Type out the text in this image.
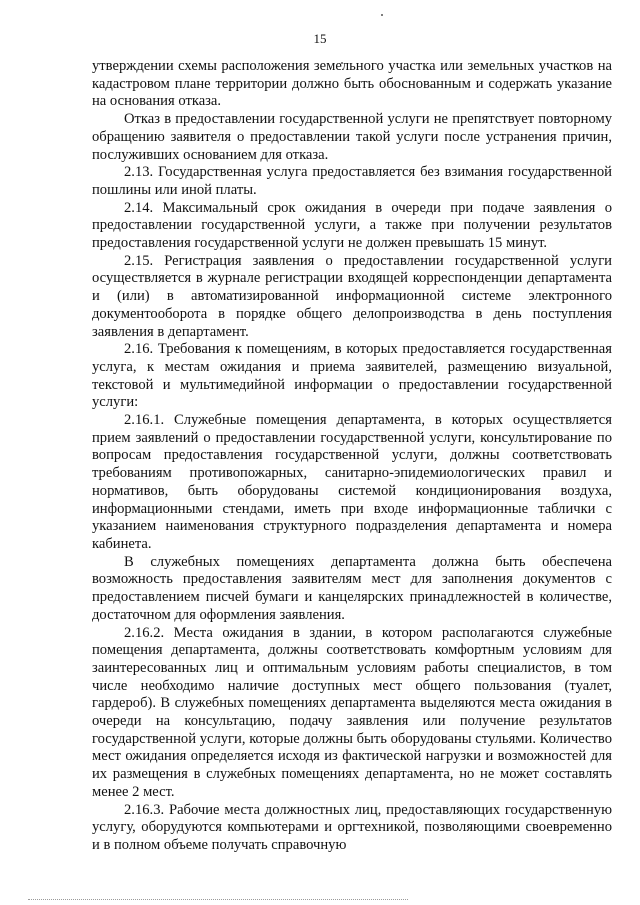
15

утверждении схемы расположения земельного участка или земельных участков на кадастровом плане территории должно быть обоснованным и содержать указание на основания отказа.

Отказ в предоставлении государственной услуги не препятствует повторному обращению заявителя о предоставлении такой услуги после устранения причин, послуживших основанием для отказа.

2.13. Государственная услуга предоставляется без взимания государственной пошлины или иной платы.

2.14. Максимальный срок ожидания в очереди при подаче заявления о предоставлении государственной услуги, а также при получении результатов предоставления государственной услуги не должен превышать 15 минут.

2.15. Регистрация заявления о предоставлении государственной услуги осуществляется в журнале регистрации входящей корреспонденции департамента и (или) в автоматизированной информационной системе электронного документооборота в порядке общего делопроизводства в день поступления заявления в департамент.

2.16. Требования к помещениям, в которых предоставляется государственная услуга, к местам ожидания и приема заявителей, размещению визуальной, текстовой и мультимедийной информации о предоставлении государственной услуги:

2.16.1. Служебные помещения департамента, в которых осуществляется прием заявлений о предоставлении государственной услуги, консультирование по вопросам предоставления государственной услуги, должны соответствовать требованиям противопожарных, санитарно-эпидемиологических правил и нормативов, быть оборудованы системой кондиционирования воздуха, информационными стендами, иметь при входе информационные таблички с указанием наименования структурного подразделения департамента и номера кабинета.

В служебных помещениях департамента должна быть обеспечена возможность предоставления заявителям мест для заполнения документов с предоставлением писчей бумаги и канцелярских принадлежностей в количестве, достаточном для оформления заявления.

2.16.2. Места ожидания в здании, в котором располагаются служебные помещения департамента, должны соответствовать комфортным условиям для заинтересованных лиц и оптимальным условиям работы специалистов, в том числе необходимо наличие доступных мест общего пользования (туалет, гардероб). В служебных помещениях департамента выделяются места ожидания в очереди на консультацию, подачу заявления или получение результатов государственной услуги, которые должны быть оборудованы стульями. Количество мест ожидания определяется исходя из фактической нагрузки и возможностей для их размещения в служебных помещениях департамента, но не может составлять менее 2 мест.

2.16.3. Рабочие места должностных лиц, предоставляющих государственную услугу, оборудуются компьютерами и оргтехникой, позволяющими своевременно и в полном объеме получать справочную
